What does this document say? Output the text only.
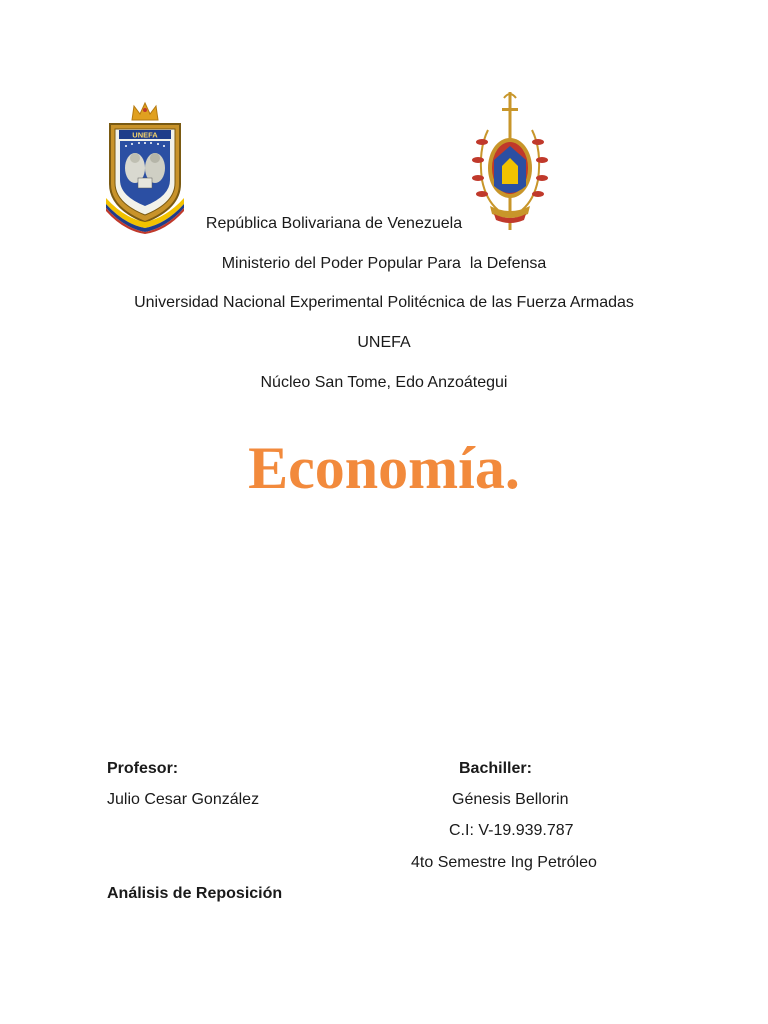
UNEFA
República Bolivariana de Venezuela
Ministerio del Poder Popular Para  la Defensa
Universidad Nacional Experimental Politécnica de las Fuerza Armadas
UNEFA
Núcleo San Tome, Edo Anzoátegui
Economía.
Profesor:
Julio Cesar González
Bachiller:
Génesis Bellorin
C.I: V-19.939.787
4to Semestre Ing Petróleo
Análisis de Reposición
